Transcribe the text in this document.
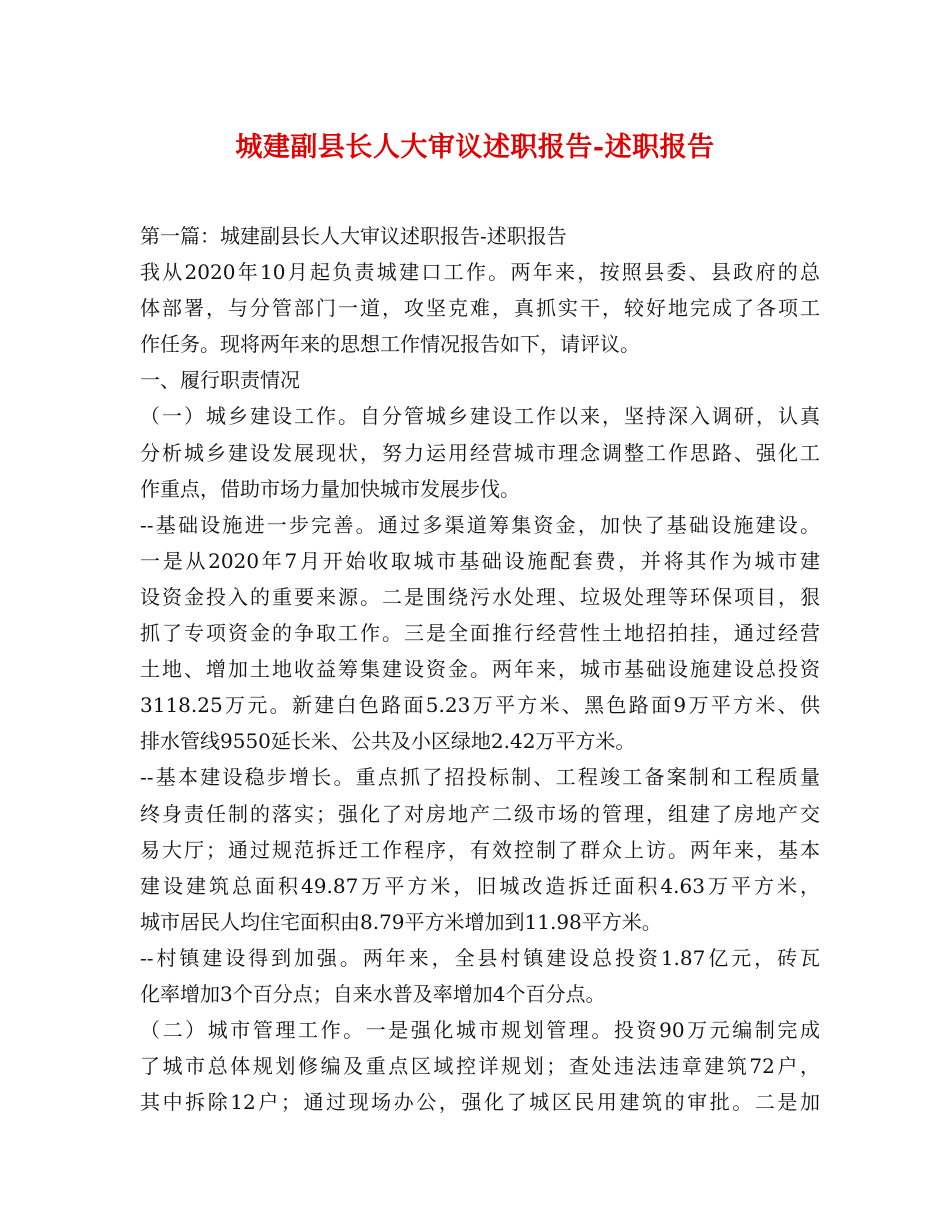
城建副县长人大审议述职报告-述职报告
第一篇：城建副县长人大审议述职报告-述职报告
我从2020年10月起负责城建口工作。两年来，按照县委、县政府的总
体部署，与分管部门一道，攻坚克难，真抓实干，较好地完成了各项工
作任务。现将两年来的思想工作情况报告如下，请评议。
一、履行职责情况
（一）城乡建设工作。自分管城乡建设工作以来，坚持深入调研，认真
分析城乡建设发展现状，努力运用经营城市理念调整工作思路、强化工
作重点，借助市场力量加快城市发展步伐。
--基础设施进一步完善。通过多渠道筹集资金，加快了基础设施建设。
一是从2020年7月开始收取城市基础设施配套费，并将其作为城市建
设资金投入的重要来源。二是围绕污水处理、垃圾处理等环保项目，狠
抓了专项资金的争取工作。三是全面推行经营性土地招拍挂，通过经营
土地、增加土地收益筹集建设资金。两年来，城市基础设施建设总投资
3118.25万元。新建白色路面5.23万平方米、黑色路面9万平方米、供
排水管线9550延长米、公共及小区绿地2.42万平方米。
--基本建设稳步增长。重点抓了招投标制、工程竣工备案制和工程质量
终身责任制的落实；强化了对房地产二级市场的管理，组建了房地产交
易大厅；通过规范拆迁工作程序，有效控制了群众上访。两年来，基本
建设建筑总面积49.87万平方米，旧城改造拆迁面积4.63万平方米，
城市居民人均住宅面积由8.79平方米增加到11.98平方米。
--村镇建设得到加强。两年来，全县村镇建设总投资1.87亿元，砖瓦
化率增加3个百分点；自来水普及率增加4个百分点。
（二）城市管理工作。一是强化城市规划管理。投资90万元编制完成
了城市总体规划修编及重点区域控详规划；查处违法违章建筑72户，
其中拆除12户；通过现场办公，强化了城区民用建筑的审批。二是加
